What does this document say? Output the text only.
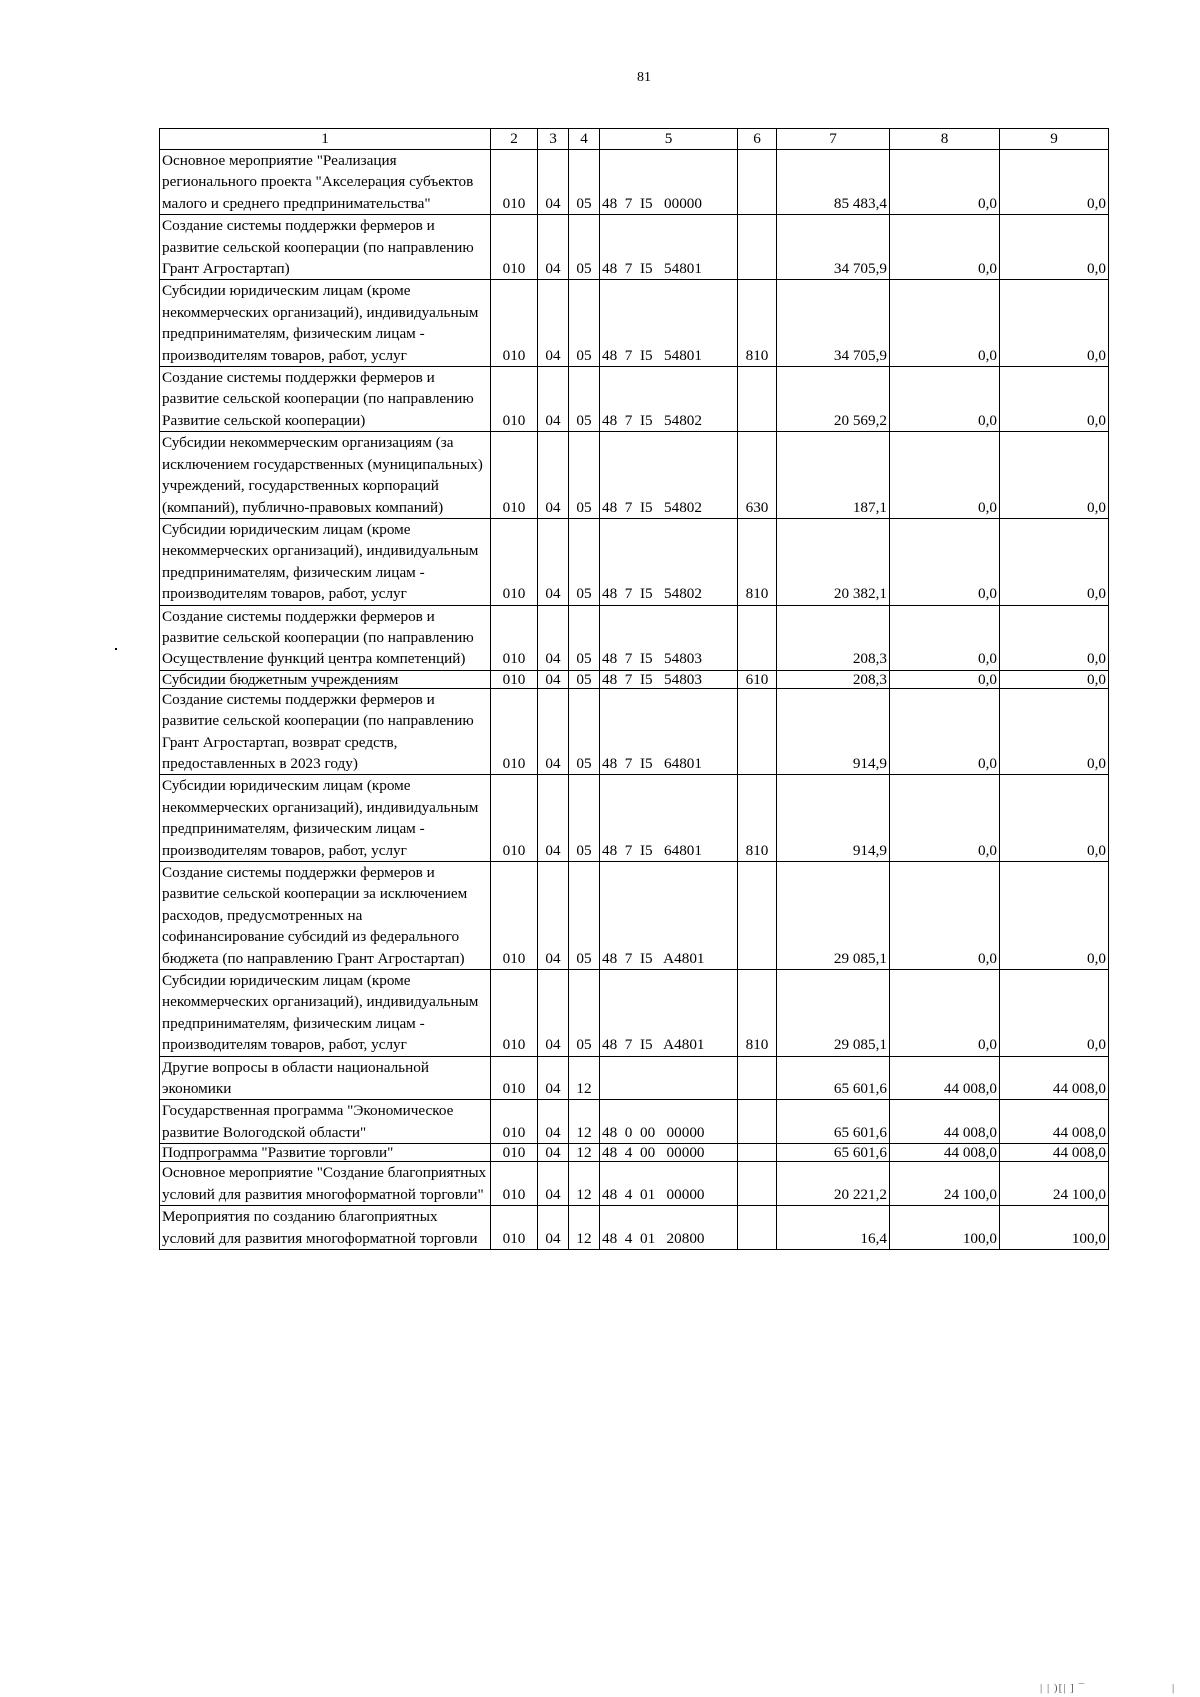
81
1	2	3	4	5	6	7	8	9
Основное мероприятие "Реализация регионального проекта "Акселерация субъектов малого и среднего предпринимательства"	010	04	05	48  7  I5   00000		85 483,4	0,0	0,0
Создание системы поддержки фермеров и развитие сельской кооперации (по направлению Грант Агростартап)	010	04	05	48  7  I5   54801		34 705,9	0,0	0,0
Субсидии юридическим лицам (кроме некоммерческих организаций), индивидуальным предпринимателям, физическим лицам - производителям товаров, работ, услуг	010	04	05	48  7  I5   54801	810	34 705,9	0,0	0,0
Создание системы поддержки фермеров и развитие сельской кооперации (по направлению Развитие сельской кооперации)	010	04	05	48  7  I5   54802		20 569,2	0,0	0,0
Субсидии некоммерческим организациям (за исключением государственных (муниципальных) учреждений, государственных корпораций (компаний), публично-правовых компаний)	010	04	05	48  7  I5   54802	630	187,1	0,0	0,0
Субсидии юридическим лицам (кроме некоммерческих организаций), индивидуальным предпринимателям, физическим лицам - производителям товаров, работ, услуг	010	04	05	48  7  I5   54802	810	20 382,1	0,0	0,0
Создание системы поддержки фермеров и развитие сельской кооперации (по направлению Осуществление функций центра компетенций)	010	04	05	48  7  I5   54803		208,3	0,0	0,0
Субсидии бюджетным учреждениям	010	04	05	48  7  I5   54803	610	208,3	0,0	0,0
Создание системы поддержки фермеров и развитие сельской кооперации (по направлению Грант Агростартап, возврат средств, предоставленных в 2023 году)	010	04	05	48  7  I5   64801		914,9	0,0	0,0
Субсидии юридическим лицам (кроме некоммерческих организаций), индивидуальным предпринимателям, физическим лицам - производителям товаров, работ, услуг	010	04	05	48  7  I5   64801	810	914,9	0,0	0,0
Создание системы поддержки фермеров и развитие сельской кооперации за исключением расходов, предусмотренных на софинансирование субсидий из федерального бюджета (по направлению Грант Агростартап)	010	04	05	48  7  I5   A4801		29 085,1	0,0	0,0
Субсидии юридическим лицам (кроме некоммерческих организаций), индивидуальным предпринимателям, физическим лицам - производителям товаров, работ, услуг	010	04	05	48  7  I5   A4801	810	29 085,1	0,0	0,0
Другие вопросы в области национальной экономики	010	04	12			65 601,6	44 008,0	44 008,0
Государственная программа "Экономическое развитие Вологодской области"	010	04	12	48  0  00   00000		65 601,6	44 008,0	44 008,0
Подпрограмма "Развитие торговли"	010	04	12	48  4  00   00000		65 601,6	44 008,0	44 008,0
Основное мероприятие "Создание благоприятных условий для развития многоформатной торговли"	010	04	12	48  4  01   00000		20 221,2	24 100,0	24 100,0
Мероприятия по созданию благоприятных условий для развития многоформатной торговли	010	04	12	48  4  01   20800		16,4	100,0	100,0
| | )[| ] ¯	|
